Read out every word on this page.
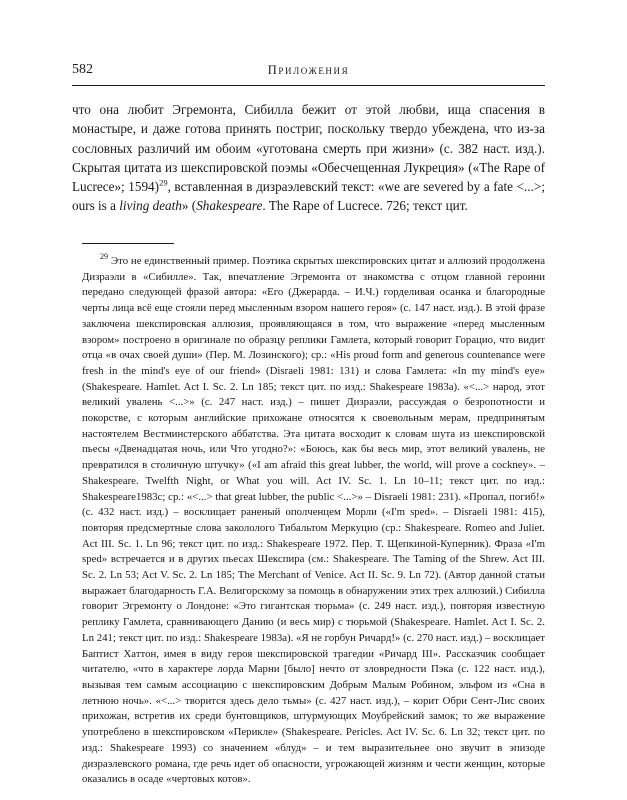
582	Приложения

что она любит Эгремонта, Сибилла бежит от этой любви, ища спасения в монастыре, и даже готова принять постриг, поскольку твердо убеждена, что из-за сословных различий им обоим «уготована смерть при жизни» (с. 382 наст. изд.). Скрытая цитата из шекспировской поэмы «Обесчещенная Лукреция» («The Rape of Lucrece»; 1594)$^{29}$, вставленная в дизраэлевский текст: «we are severed by a fate <...>; ours is a living death» (Shakespeare. The Rape of Lucrece. 726; текст цит.

$^{29}$ Это не единственный пример. Поэтика скрытых шекспировских цитат и аллюзий продолжена Дизраэли в «Сибилле». Так, впечатление Эгремонта от знакомства с отцом главной героини передано следующей фразой автора: «Его (Джерарда. – И.Ч.) горделивая осанка и благородные черты лица всё еще стояли перед мысленным взором нашего героя» (с. 147 наст. изд.). В этой фразе заключена шекспировская аллюзия, проявляющаяся в том, что выражение «перед мысленным взором» построено в оригинале по образцу реплики Гамлета, который говорит Горацио, что видит отца «в очах своей души» (Пер. М. Лозинского); ср.: «His proud form and generous countenance were fresh in the mind's eye of our friend» (Disraeli 1981: 131) и слова Гамлета: «In my mind's eye» (Shakespeare. Hamlet. Act I. Sc. 2. Ln 185; текст цит. по изд.: Shakespeare 1983a). «<...> народ, этот великий увалень <...>» (с. 247 наст. изд.) – пишет Дизраэли, рассуждая о безропотности и покорстве, с которым английские прихожане относятся к своевольным мерам, предпринятым настоятелем Вестминстерского аббатства. Эта цитата восходит к словам шута из шекспировской пьесы «Двенадцатая ночь, или Что угодно?»: «Боюсь, как бы весь мир, этот великий увалень, не превратился в столичную штучку» («I am afraid this great lubber, the world, will prove a cockney». – Shakespeare. Twelfth Night, or What you will. Act IV. Sc. 1. Ln 10–11; текст цит. по изд.: Shakespeare1983c; ср.: «<...> that great lubber, the public <...>» – Disraeli 1981: 231). «Пропал, погиб!» (с. 432 наст. изд.) – восклицает раненый ополченцем Морли («I'm sped». – Disraeli 1981: 415), повторяя предсмертные слова закололого Тибальтом Меркуцио (ср.: Shakespeare. Romeo and Juliet. Act III. Sc. 1. Ln 96; текст цит. по изд.: Shakespeare 1972. Пер. Т. Щепкиной-Куперник). Фраза «I'm sped» встречается и в других пьесах Шекспира (см.: Shakespeare. The Taming of the Shrew. Act III. Sc. 2. Ln 53; Act V. Sc. 2. Ln 185; The Merchant of Venice. Act II. Sc. 9. Ln 72). (Автор данной статьи выражает благодарность Г.А. Велигорскому за помощь в обнаружении этих трех аллюзий.) Сибилла говорит Эгремонту о Лондоне: «Это гигантская тюрьма» (с. 249 наст. изд.), повторяя известную реплику Гамлета, сравнивающего Данию (и весь мир) с тюрьмой (Shakespeare. Hamlet. Act I. Sc. 2. Ln 241; текст цит. по изд.: Shakespeare 1983a). «Я не горбун Ричард!» (с. 270 наст. изд.) – восклицает Баптист Хаттон, имея в виду героя шекспировской трагедии «Ричард III». Рассказчик сообщает читателю, «что в характере лорда Марни [было] нечто от зловредности Пэка (с. 122 наст. изд.), вызывая тем самым ассоциацию с шекспировским Добрым Малым Робином, эльфом из «Сна в летнюю ночь». «<...> творится здесь дело тьмы» (с. 427 наст. изд.), – корит Обри Сент-Лис своих прихожан, встретив их среди бунтовщиков, штурмующих Моубрейский замок; то же выражение употреблено в шекспировском «Перикле» (Shakespeare. Pericles. Act IV. Sc. 6. Ln 32; текст цит. по изд.: Shakespeare 1993) со значением «блуд» – и тем выразительнее оно звучит в эпизоде дизраэлевского романа, где речь идет об опасности, угрожающей жизням и чести женщин, которые оказались в осаде «чертовых котов».
